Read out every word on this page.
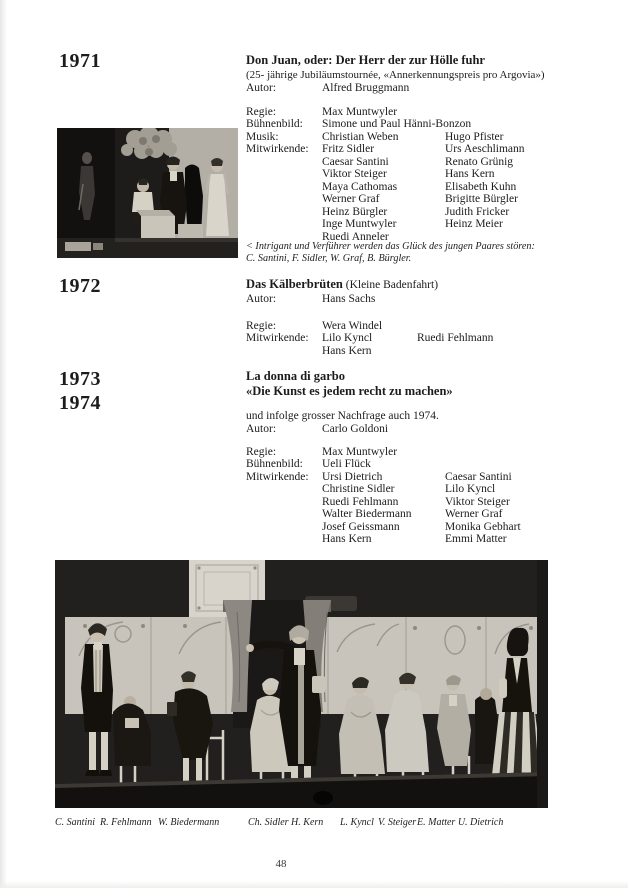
1971	Don Juan, oder: Der Herr der zur Hölle fuhr
(25- jährige Jubiläumstournée, «Annerkennungspreis pro Argovia»)
Autor:	Alfred Bruggmann
Regie:	Max Muntwyler
Bühnenbild:	Simone und Paul Hänni-Bonzon
Musik:	Christian Weben	Hugo Pfister
Mitwirkende:	Fritz Sidler	Urs Aeschlimann
Caesar Santini	Renato Grünig
Viktor Steiger	Hans Kern
Maya Cathomas	Elisabeth Kuhn
Werner Graf	Brigitte Bürgler
Heinz Bürgler	Judith Fricker
Inge Muntwyler	Heinz Meier
Ruedi Anneler
< Intrigant und Verführer werden das Glück des jungen Paares stören:
C. Santini, F. Sidler, W. Graf, B. Bürgler.
1972	Das Kälberbrüten (Kleine Badenfahrt)
Autor:	Hans Sachs
Regie:	Wera Windel
Mitwirkende:	Lilo Kyncl	Ruedi Fehlmann
Hans Kern
1973
1974
La donna di garbo
«Die Kunst es jedem recht zu machen»
und infolge grosser Nachfrage auch 1974.
Autor:	Carlo Goldoni
Regie:	Max Muntwyler
Bühnenbild:	Ueli Flück
Mitwirkende:	Ursi Dietrich	Caesar Santini
Christine Sidler	Lilo Kyncl
Ruedi Fehlmann	Viktor Steiger
Walter Biedermann	Werner Graf
Josef Geissmann	Monika Gebhart
Hans Kern	Emmi Matter
C. Santini R. Fehlmann W. Biedermann	Ch. Sidler H. Kern L. Kyncl V. Steiger E. Matter U. Dietrich
48
